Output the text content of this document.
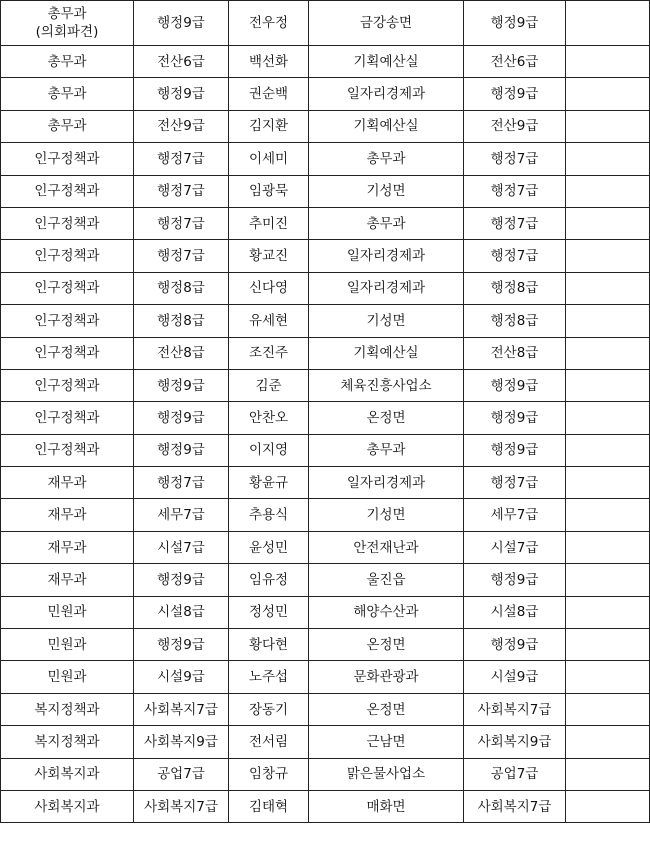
총무과
(의회파견)	행정9급	전우정	금강송면	행정9급	
총무과	전산6급	백선화	기획예산실	전산6급	
총무과	행정9급	권순백	일자리경제과	행정9급	
총무과	전산9급	김지환	기획예산실	전산9급	
인구정책과	행정7급	이세미	총무과	행정7급	
인구정책과	행정7급	임광묵	기성면	행정7급	
인구정책과	행정7급	추미진	총무과	행정7급	
인구정책과	행정7급	황교진	일자리경제과	행정7급	
인구정책과	행정8급	신다영	일자리경제과	행정8급	
인구정책과	행정8급	유세현	기성면	행정8급	
인구정책과	전산8급	조진주	기획예산실	전산8급	
인구정책과	행정9급	김준	체육진흥사업소	행정9급	
인구정책과	행정9급	안찬오	온정면	행정9급	
인구정책과	행정9급	이지영	총무과	행정9급	
재무과	행정7급	황윤규	일자리경제과	행정7급	
재무과	세무7급	추용식	기성면	세무7급	
재무과	시설7급	윤성민	안전재난과	시설7급	
재무과	행정9급	임유정	울진읍	행정9급	
민원과	시설8급	정성민	해양수산과	시설8급	
민원과	행정9급	황다현	온정면	행정9급	
민원과	시설9급	노주섭	문화관광과	시설9급	
복지정책과	사회복지7급	장동기	온정면	사회복지7급	
복지정책과	사회복지9급	전서림	근남면	사회복지9급	
사회복지과	공업7급	임창규	맑은물사업소	공업7급	
사회복지과	사회복지7급	김태혁	매화면	사회복지7급	
